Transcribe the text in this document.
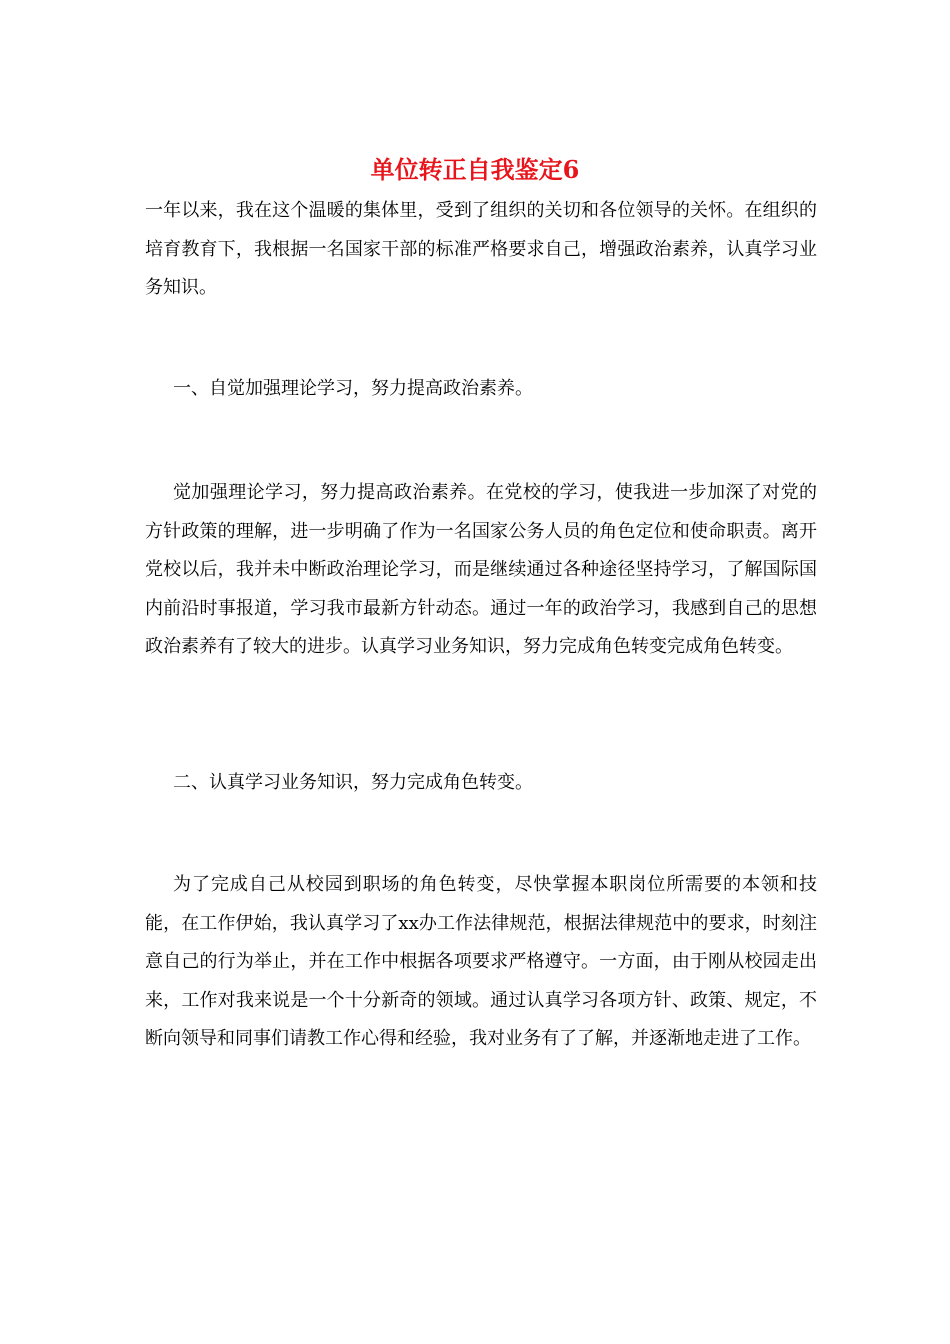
单位转正自我鉴定6
一年以来，我在这个温暖的集体里，受到了组织的关切和各位领导的关怀。在组织的培育教育下，我根据一名国家干部的标准严格要求自己，增强政治素养，认真学习业务知识。
一、自觉加强理论学习，努力提高政治素养。
觉加强理论学习，努力提高政治素养。在党校的学习，使我进一步加深了对党的方针政策的理解，进一步明确了作为一名国家公务人员的角色定位和使命职责。离开党校以后，我并未中断政治理论学习，而是继续通过各种途径坚持学习，了解国际国内前沿时事报道，学习我市最新方针动态。通过一年的政治学习，我感到自己的思想政治素养有了较大的进步。认真学习业务知识，努力完成角色转变完成角色转变。
二、认真学习业务知识，努力完成角色转变。
为了完成自己从校园到职场的角色转变，尽快掌握本职岗位所需要的本领和技能，在工作伊始，我认真学习了xx办工作法律规范，根据法律规范中的要求，时刻注意自己的行为举止，并在工作中根据各项要求严格遵守。一方面，由于刚从校园走出来，工作对我来说是一个十分新奇的领域。通过认真学习各项方针、政策、规定，不断向领导和同事们请教工作心得和经验，我对业务有了了解，并逐渐地走进了工作。
